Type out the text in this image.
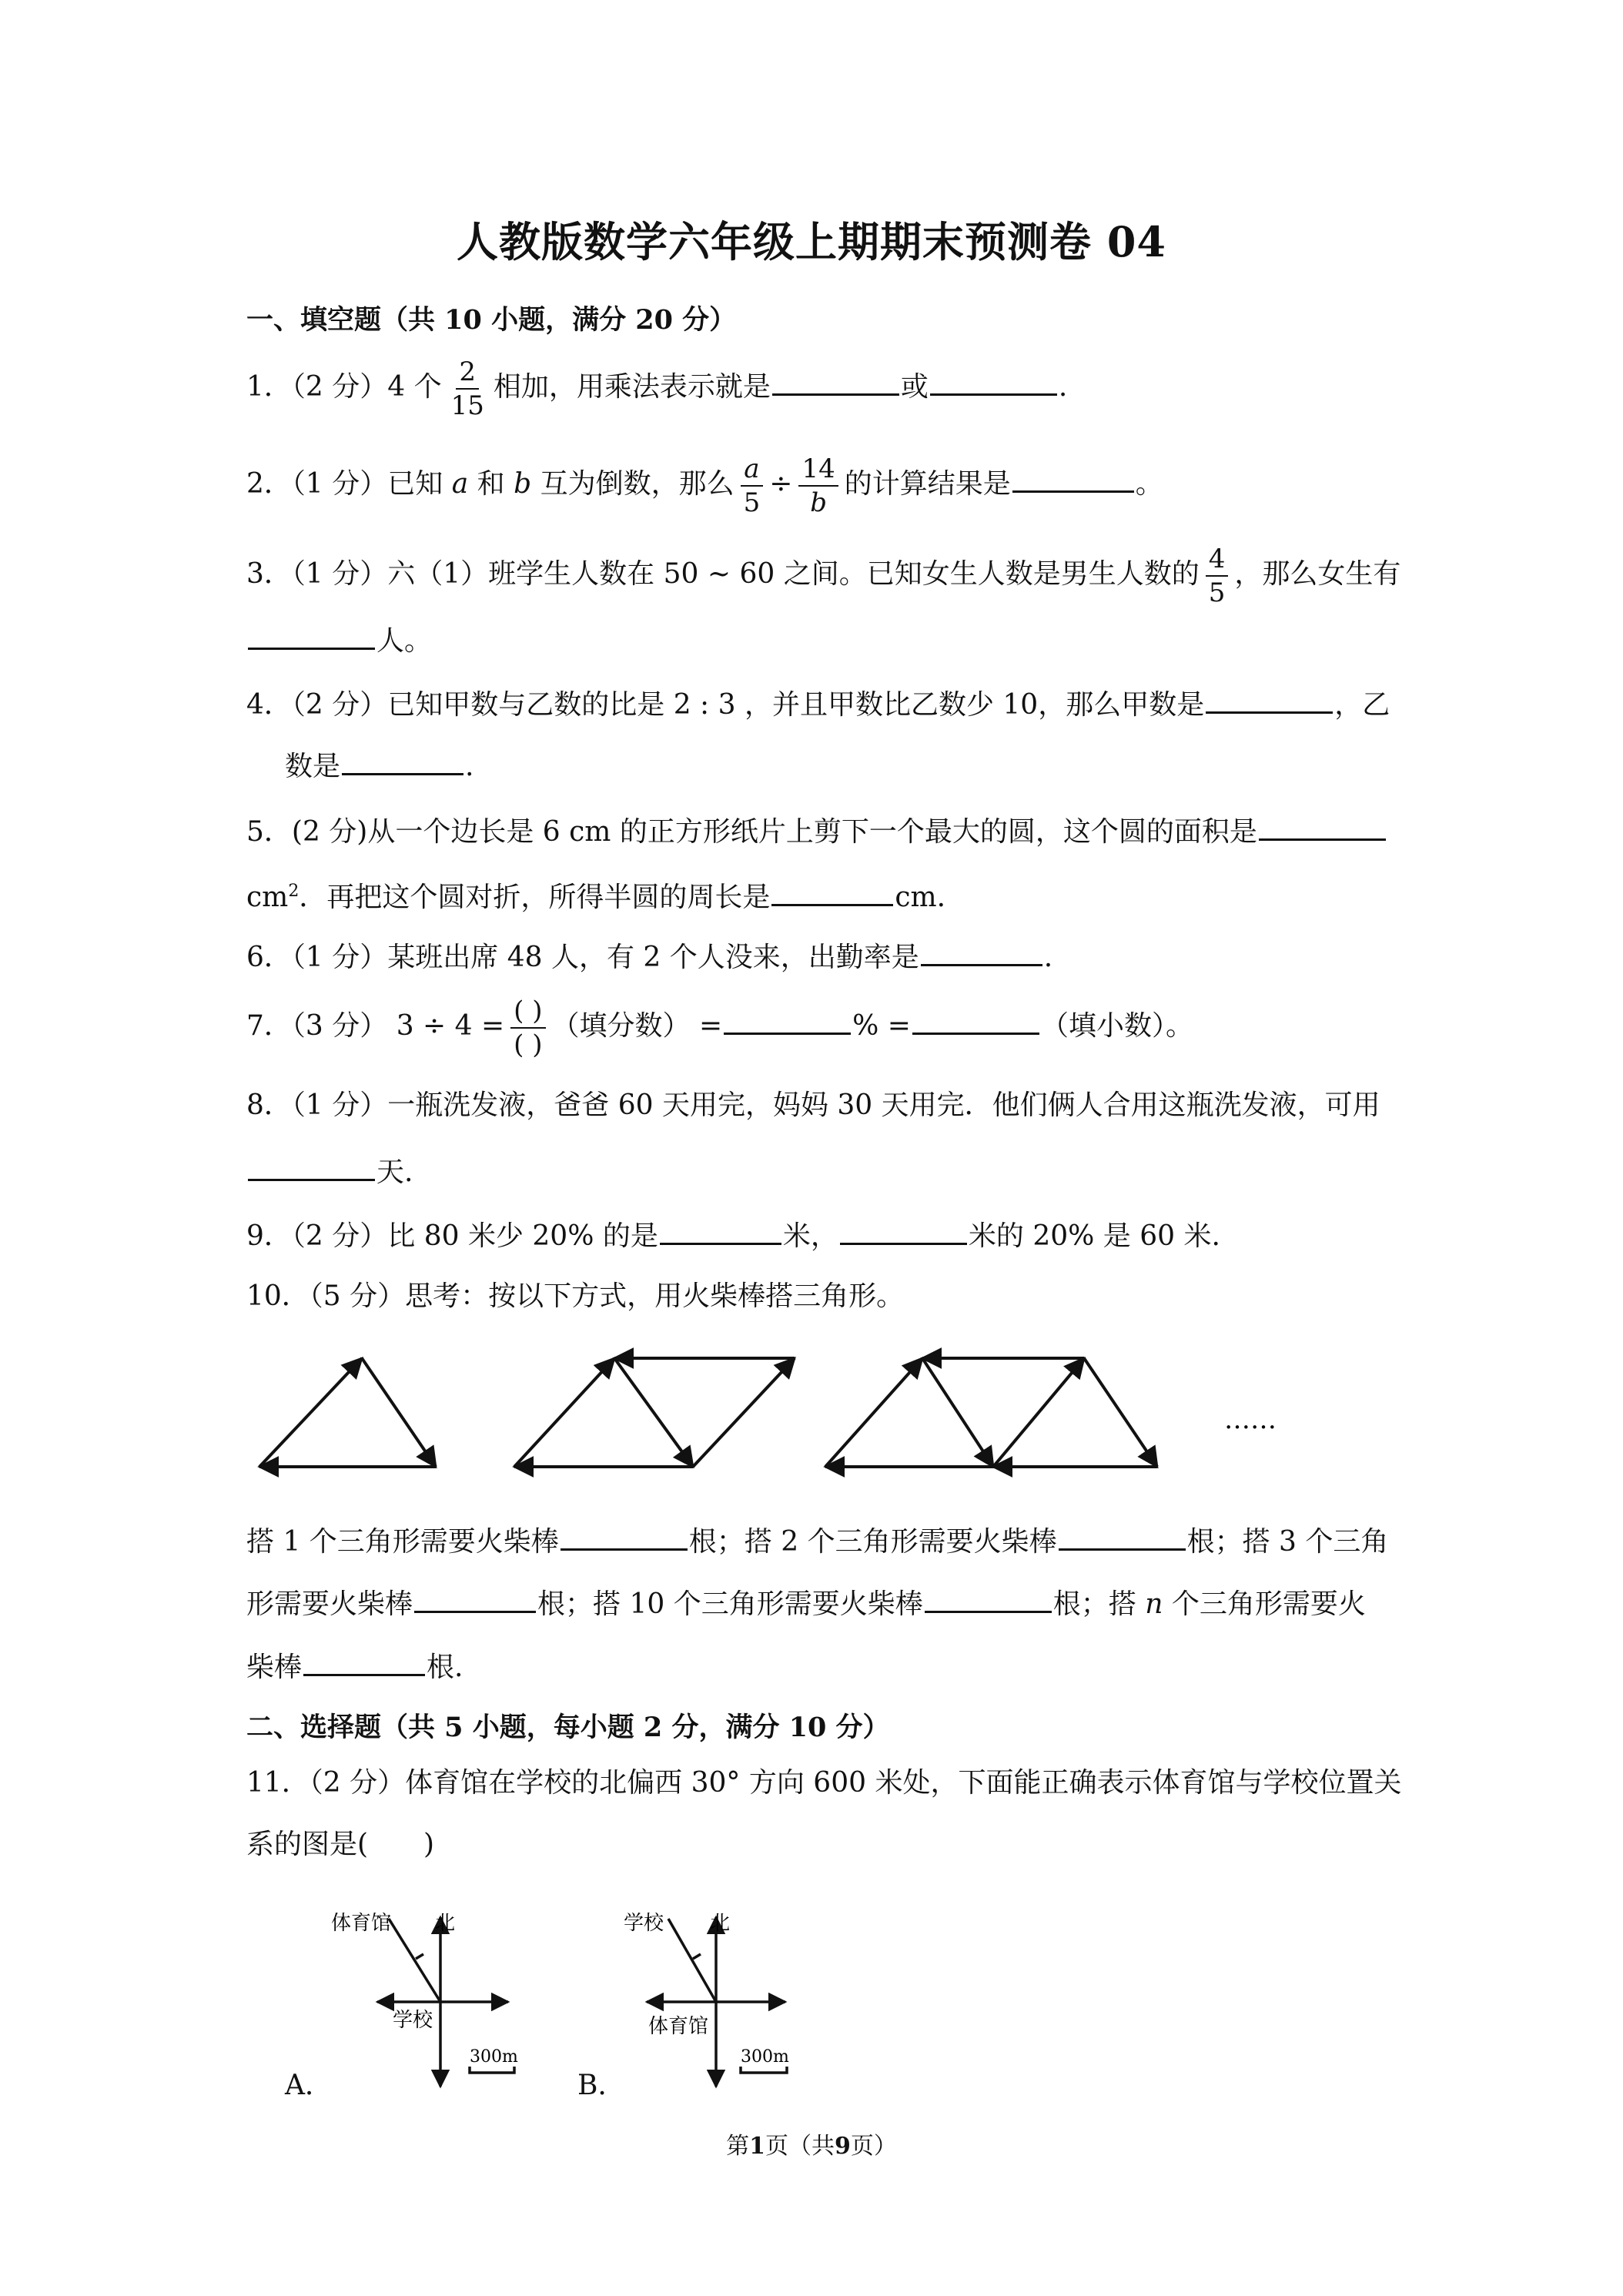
人教版数学六年级上期期末预测卷 04
一、填空题（共 10 小题，满分 20 分）
1．（2 分）4 个 $\frac{2}{15}$ 相加，用乘法表示就是	或	.
2．（1 分）已知 a 和 b 互为倒数，那么 $\frac{a}{5} \div \frac{14}{b}$ 的计算结果是	。
3．（1 分）六（1）班学生人数在 50 ~ 60 之间。已知女生人数是男生人数的 $\frac{4}{5}$ ，那么女生有
人。
4．（2 分）已知甲数与乙数的比是 2 : 3 ，并且甲数比乙数少 10，那么甲数是	，乙
数是	.
5．(2 分)从一个边长是 6 cm 的正方形纸片上剪下一个最大的圆，这个圆的面积是
$cm^2$．再把这个圆对折，所得半圆的周长是	cm.
6．（1 分）某班出席 48 人，有 2 个人没来，出勤率是	.
7．（3 分） $3 \div 4 = \frac{( )}{( )}$ （填分数） =	% =	（填小数）。
8．（1 分）一瓶洗发液，爸爸 60 天用完，妈妈 30 天用完．他们俩人合用这瓶洗发液，可用
天.
9．（2 分）比 80 米少 20% 的是	米，	米的 20% 是 60 米.
10．（5 分）思考：按以下方式，用火柴棒搭三角形。
……
搭 1 个三角形需要火柴棒	根；搭 2 个三角形需要火柴棒	根；搭 3 个三角
形需要火柴棒	根；搭 10 个三角形需要火柴棒	根；搭 n 个三角形需要火
柴棒	根.
二、选择题（共 5 小题，每小题 2 分，满分 10 分）
11．（2 分）体育馆在学校的北偏西 30° 方向 600 米处，下面能正确表示体育馆与学校位置关
系的图是(　　)
体育馆 北
学校
300m
A．
学校 北
体育馆
300m
B．
第1页（共9页）
